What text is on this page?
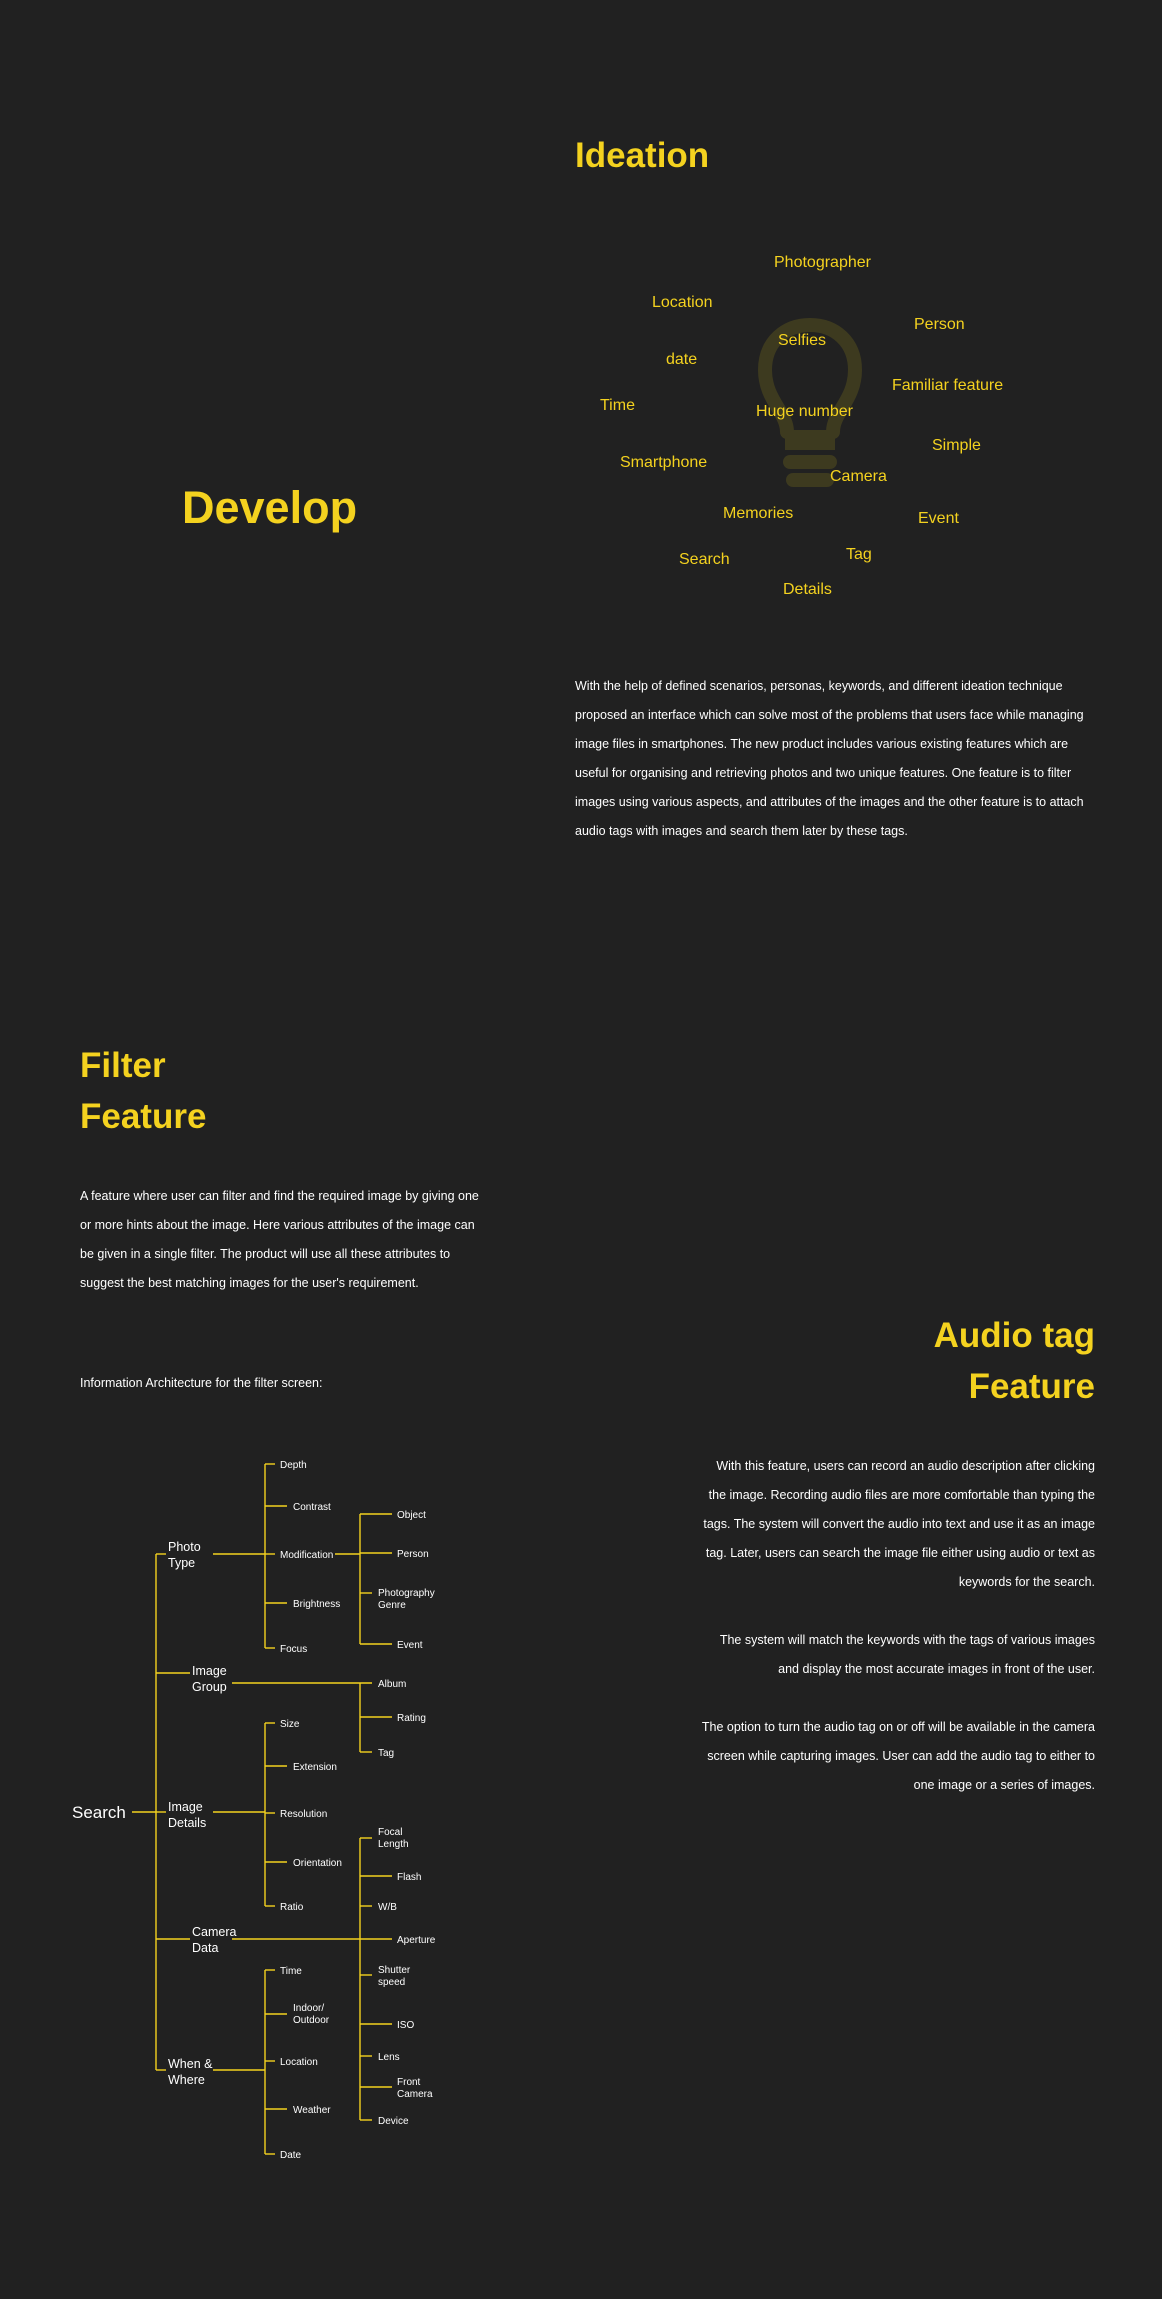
Develop
Ideation
Photographer
Location
Person
Selfies
date
Familiar feature
Time	Huge number
Simple
Smartphone
Camera
Memories	Event
Search	Tag
Details
With the help of defined scenarios, personas, keywords, and different ideation technique proposed an interface which can solve most of the problems that users face while managing image files in smartphones. The new product includes various existing features which are useful for organising and retrieving photos and two unique features. One feature is to filter images using various aspects, and attributes of the images and the other feature is to attach audio tags with images and search them later by these tags.
Filter
Feature
A feature where user can filter and find the required image by giving one or more hints about the image. Here various attributes of the image can be given in a single filter. The product will use all these attributes to suggest the best matching images for the user's requirement.
Information Architecture for the filter screen:
Search
Photo
Type
Image
Group
Image
Details
Camera
Data
When &
Where
Depth
Contrast
Modification
Brightness
Focus
Object
Person
Photography
Genre
Event
Album
Rating
Tag
Size
Extension
Resolution
Orientation
Ratio
Focal
Length
Flash
W/B
Aperture
Shutter
speed
ISO
Lens
Front
Camera
Device
Time
Indoor/
Outdoor
Location
Weather
Date
Audio tag
Feature

With this feature, users can record an audio description after clicking the image. Recording audio files are more comfortable than typing the tags. The system will convert the audio into text and use it as an image tag. Later, users can search the image file either using audio or text as keywords for the search.

The system will match the keywords with the tags of various images and display the most accurate images in front of the user.

The option to turn the audio tag on or off will be available in the camera screen while capturing images. User can add the audio tag to either to one image or a series of images.
